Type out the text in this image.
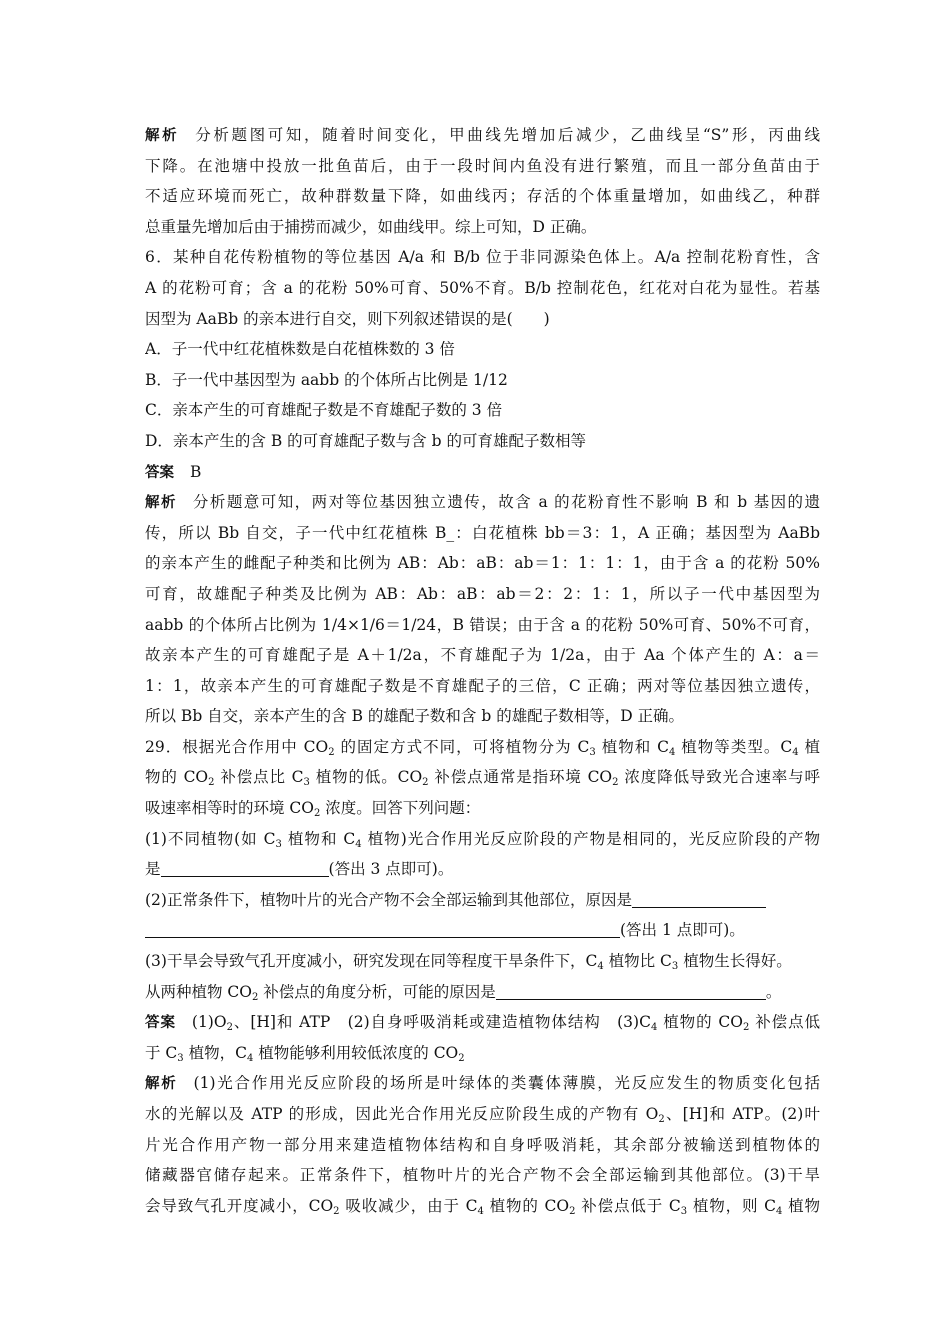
解析 分析题图可知，随着时间变化，甲曲线先增加后减少，乙曲线呈“S”形，丙曲线
下降。在池塘中投放一批鱼苗后，由于一段时间内鱼没有进行繁殖，而且一部分鱼苗由于
不适应环境而死亡，故种群数量下降，如曲线丙；存活的个体重量增加，如曲线乙，种群
总重量先增加后由于捕捞而减少，如曲线甲。综上可知，D 正确。
6．某种自花传粉植物的等位基因 A/a 和 B/b 位于非同源染色体上。A/a 控制花粉育性，含
A 的花粉可育；含 a 的花粉 50%可育、50%不育。B/b 控制花色，红花对白花为显性。若基
因型为 AaBb 的亲本进行自交，则下列叙述错误的是(　　)
A．子一代中红花植株数是白花植株数的 3 倍
B．子一代中基因型为 aabb 的个体所占比例是 1/12
C．亲本产生的可育雄配子数是不育雄配子数的 3 倍
D．亲本产生的含 B 的可育雄配子数与含 b 的可育雄配子数相等
答案 B
解析 分析题意可知，两对等位基因独立遗传，故含 a 的花粉育性不影响 B 和 b 基因的遗
传，所以 Bb 自交，子一代中红花植株 B_：白花植株 bb＝3：1，A 正确；基因型为 AaBb
的亲本产生的雌配子种类和比例为 AB：Ab：aB：ab＝1：1：1：1，由于含 a 的花粉 50%
可育，故雄配子种类及比例为 AB：Ab：aB：ab＝2：2：1：1，所以子一代中基因型为
aabb 的个体所占比例为 1/4×1/6＝1/24，B 错误；由于含 a 的花粉 50%可育、50%不可育，
故亲本产生的可育雄配子是 A＋1/2a，不育雄配子为 1/2a，由于 Aa 个体产生的 A：a＝
1：1，故亲本产生的可育雄配子数是不育雄配子的三倍，C 正确；两对等位基因独立遗传，
所以 Bb 自交，亲本产生的含 B 的雄配子数和含 b 的雄配子数相等，D 正确。
29．根据光合作用中 $CO_2$ 的固定方式不同，可将植物分为 $C_3$ 植物和 $C_4$ 植物等类型。$C_4$ 植
物的 $CO_2$ 补偿点比 $C_3$ 植物的低。$CO_2$ 补偿点通常是指环境 $CO_2$ 浓度降低导致光合速率与呼
吸速率相等时的环境 $CO_2$ 浓度。回答下列问题：
(1)不同植物(如 $C_3$ 植物和 $C_4$ 植物)光合作用光反应阶段的产物是相同的，光反应阶段的产物
是	(答出 3 点即可)。
(2)正常条件下，植物叶片的光合产物不会全部运输到其他部位，原因是
(答出 1 点即可)。
(3)干旱会导致气孔开度减小，研究发现在同等程度干旱条件下，$C_4$ 植物比 $C_3$ 植物生长得好。
从两种植物 $CO_2$ 补偿点的角度分析，可能的原因是	。
答案 $(1)O_2$、[H]和 ATP　(2)自身呼吸消耗或建造植物体结构　$(3)C_4$ 植物的 $CO_2$ 补偿点低
于 $C_3$ 植物，$C_4$ 植物能够利用较低浓度的 $CO_2$
解析 (1)光合作用光反应阶段的场所是叶绿体的类囊体薄膜，光反应发生的物质变化包括
水的光解以及 ATP 的形成，因此光合作用光反应阶段生成的产物有 $O_2$、[H]和 ATP。(2)叶
片光合作用产物一部分用来建造植物体结构和自身呼吸消耗，其余部分被输送到植物体的
储藏器官储存起来。正常条件下，植物叶片的光合产物不会全部运输到其他部位。(3)干旱
会导致气孔开度减小，$CO_2$ 吸收减少，由于 $C_4$ 植物的 $CO_2$ 补偿点低于 $C_3$ 植物，则 $C_4$ 植物
